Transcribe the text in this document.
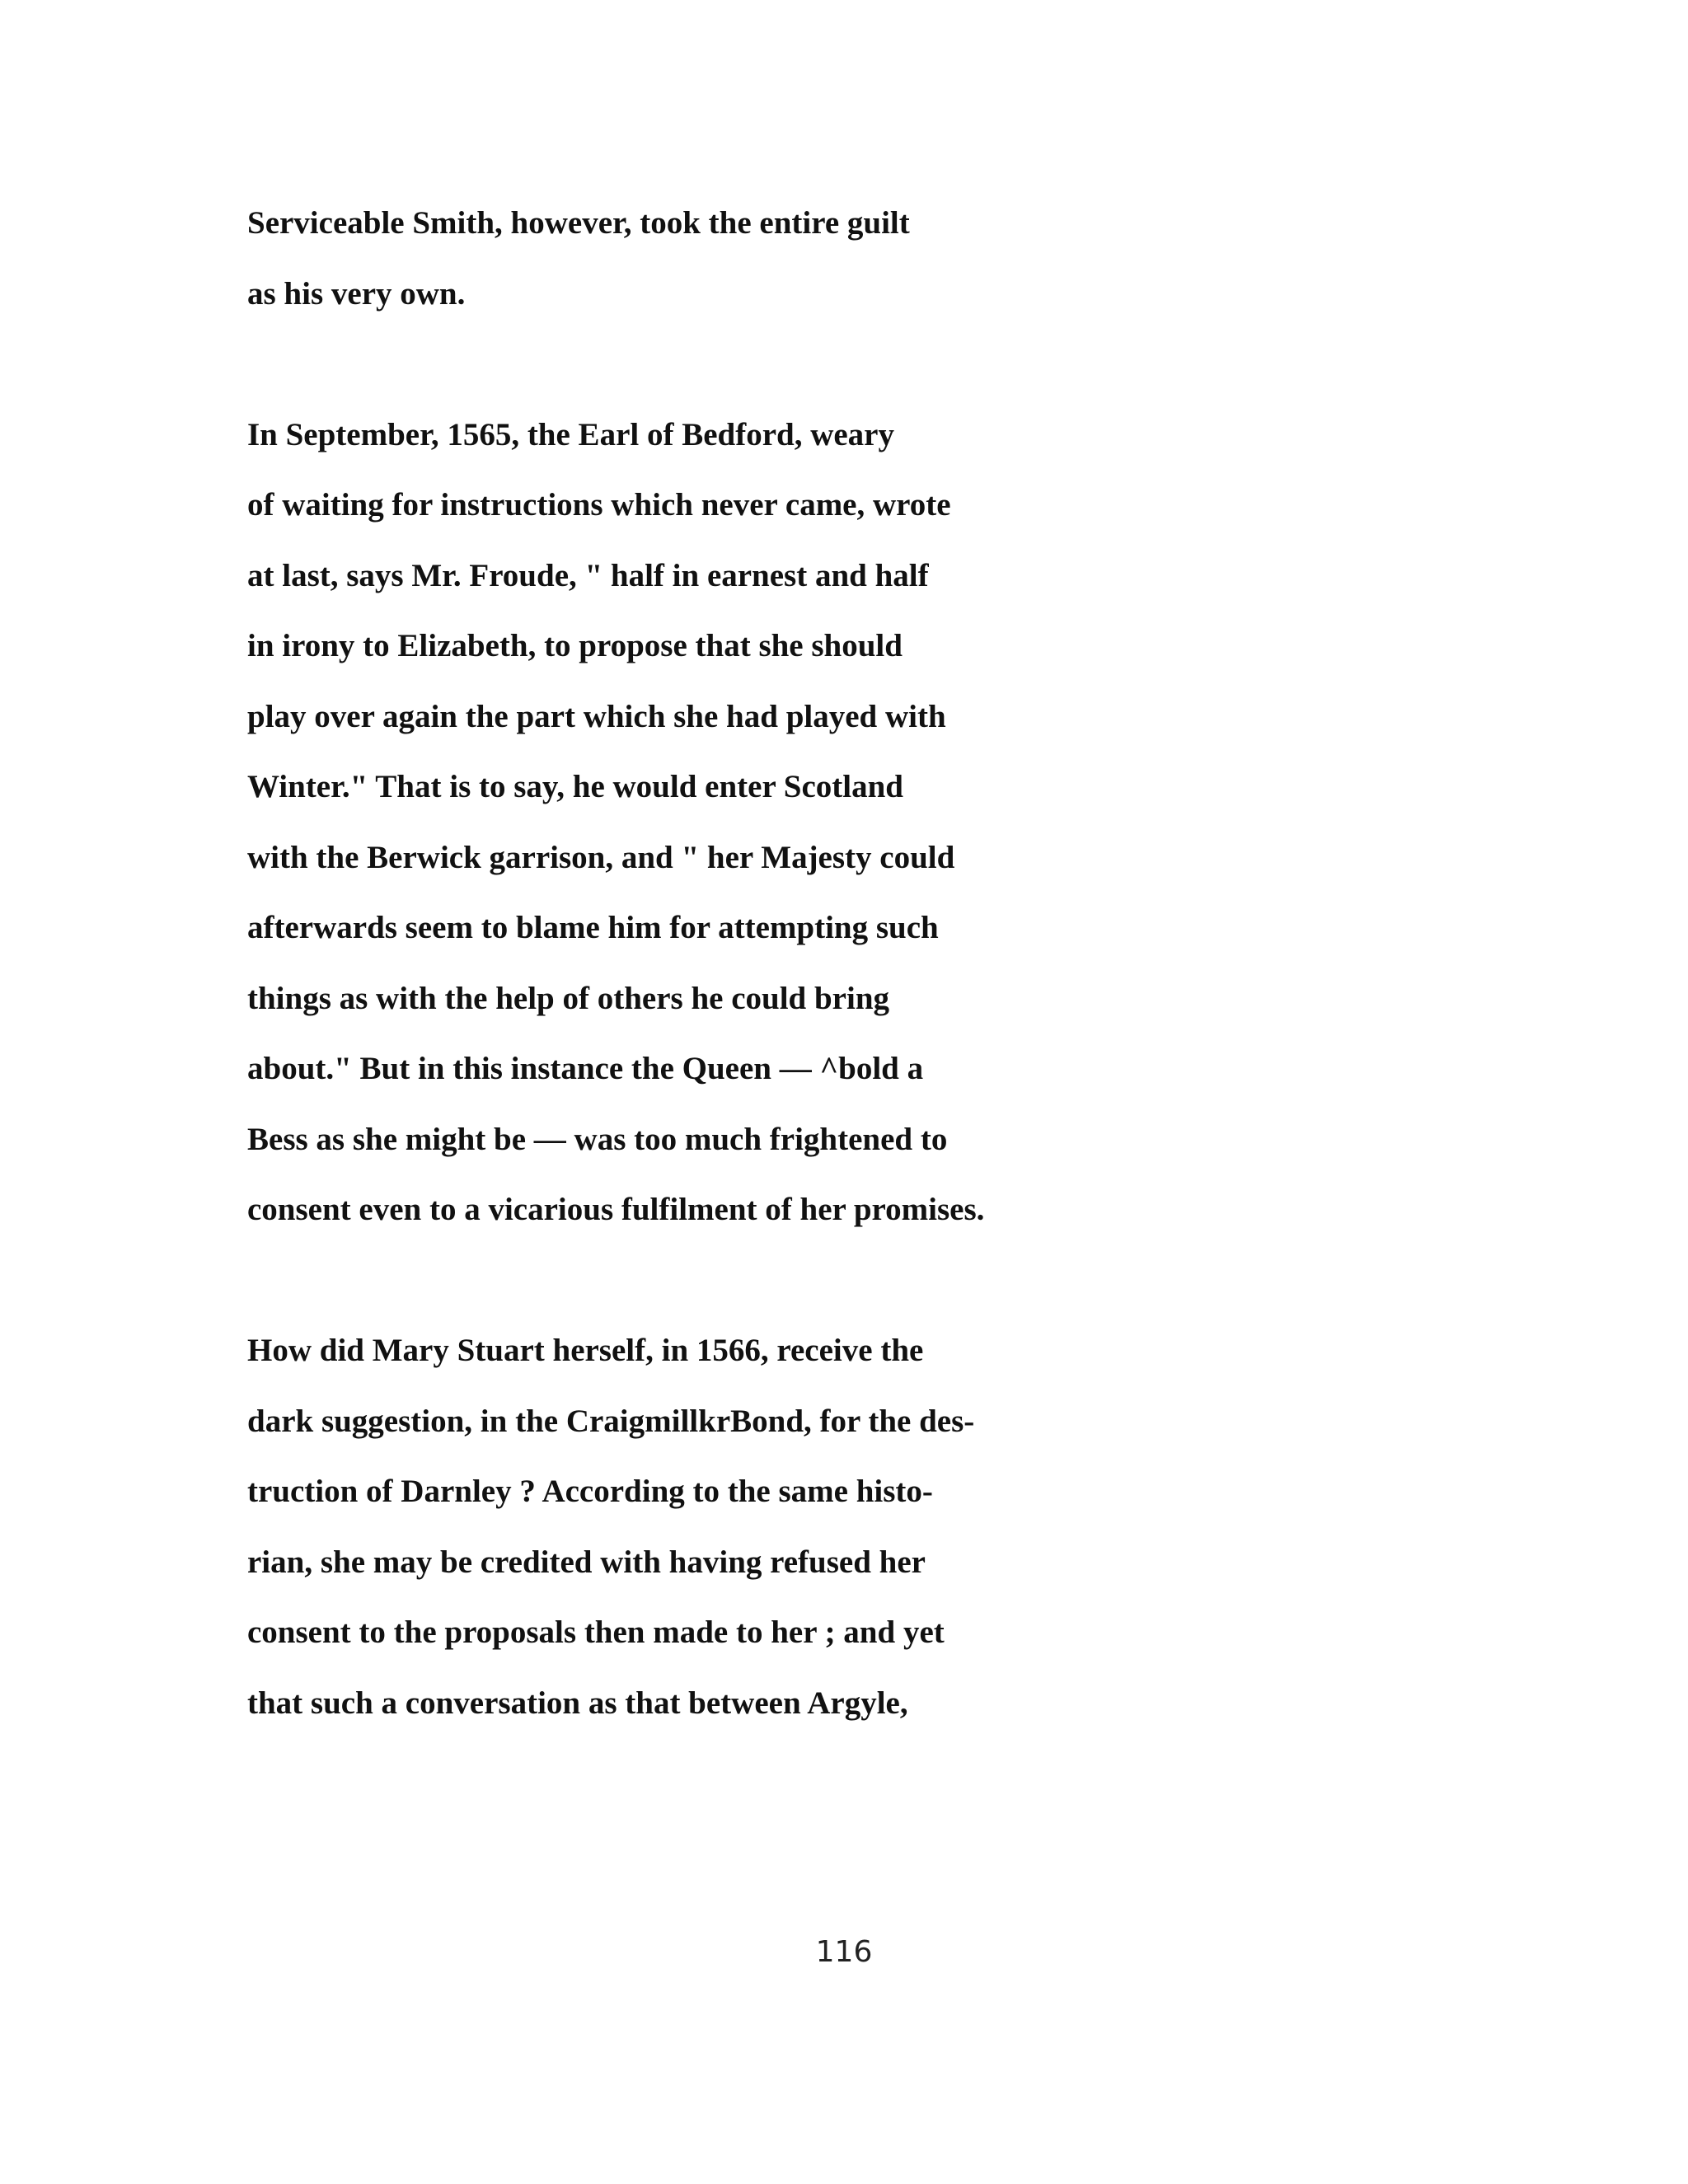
Serviceable Smith, however, took the entire guilt
as his very own.
In September, 1565, the Earl of Bedford, weary
of waiting for instructions which never came, wrote
at last, says Mr. Froude, " half in earnest and half
in irony to Elizabeth, to propose that she should
play over again the part which she had played with
Winter." That is to say, he would enter Scotland
with the Berwick garrison, and " her Majesty could
afterwards seem to blame him for attempting such
things as with the help of others he could bring
about." But in this instance the Queen — ^bold a
Bess as she might be — was too much frightened to
consent even to a vicarious fulfilment of her promises.
How did Mary Stuart herself, in 1566, receive the
dark suggestion, in the CraigmillkrBond, for the des-
truction of Darnley ? According to the same histo-
rian, she may be credited with having refused her
consent to the proposals then made to her ; and yet
that such a conversation as that between Argyle,
116
